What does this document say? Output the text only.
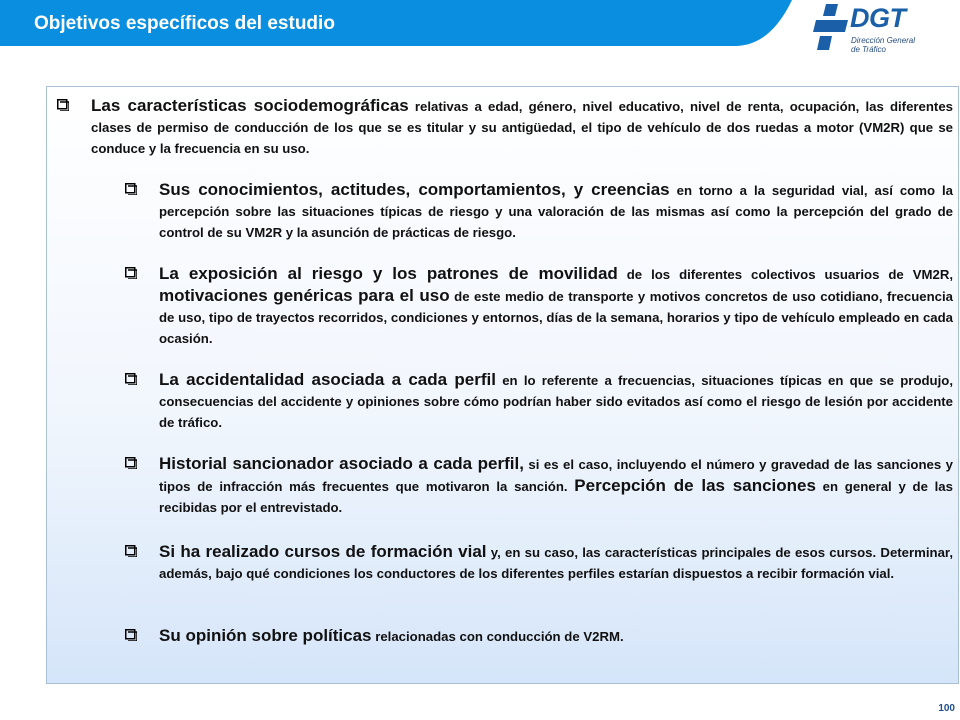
Objetivos específicos del estudio	DGT
Dirección General
de Tráfico
Las características sociodemográficas relativas a edad, género, nivel educativo, nivel de renta, ocupación, las diferentes clases de permiso de conducción de los que se es titular y su antigüedad, el tipo de vehículo de dos ruedas a motor (VM2R) que se conduce y la frecuencia en su uso.
Sus conocimientos, actitudes, comportamientos, y creencias en torno a la seguridad vial, así como la percepción sobre las situaciones típicas de riesgo y una valoración de las mismas así como la percepción del grado de control de su VM2R y la asunción de prácticas de riesgo.
La exposición al riesgo y los patrones de movilidad de los diferentes colectivos usuarios de VM2R, motivaciones genéricas para el uso de este medio de transporte y motivos concretos de uso cotidiano, frecuencia de uso, tipo de trayectos recorridos, condiciones y entornos, días de la semana, horarios y tipo de vehículo empleado en cada ocasión.
La accidentalidad asociada a cada perfil en lo referente a frecuencias, situaciones típicas en que se produjo, consecuencias del accidente y opiniones sobre cómo podrían haber sido evitados así como el riesgo de lesión por accidente de tráfico.
Historial sancionador asociado a cada perfil, si es el caso, incluyendo el número y gravedad de las sanciones y tipos de infracción más frecuentes que motivaron la sanción. Percepción de las sanciones en general y de las recibidas por el entrevistado.
Si ha realizado cursos de formación vial y, en su caso, las características principales de esos cursos. Determinar, además, bajo qué condiciones los conductores de los diferentes perfiles estarían dispuestos a recibir formación vial.
Su opinión sobre políticas relacionadas con conducción de V2RM.
100
